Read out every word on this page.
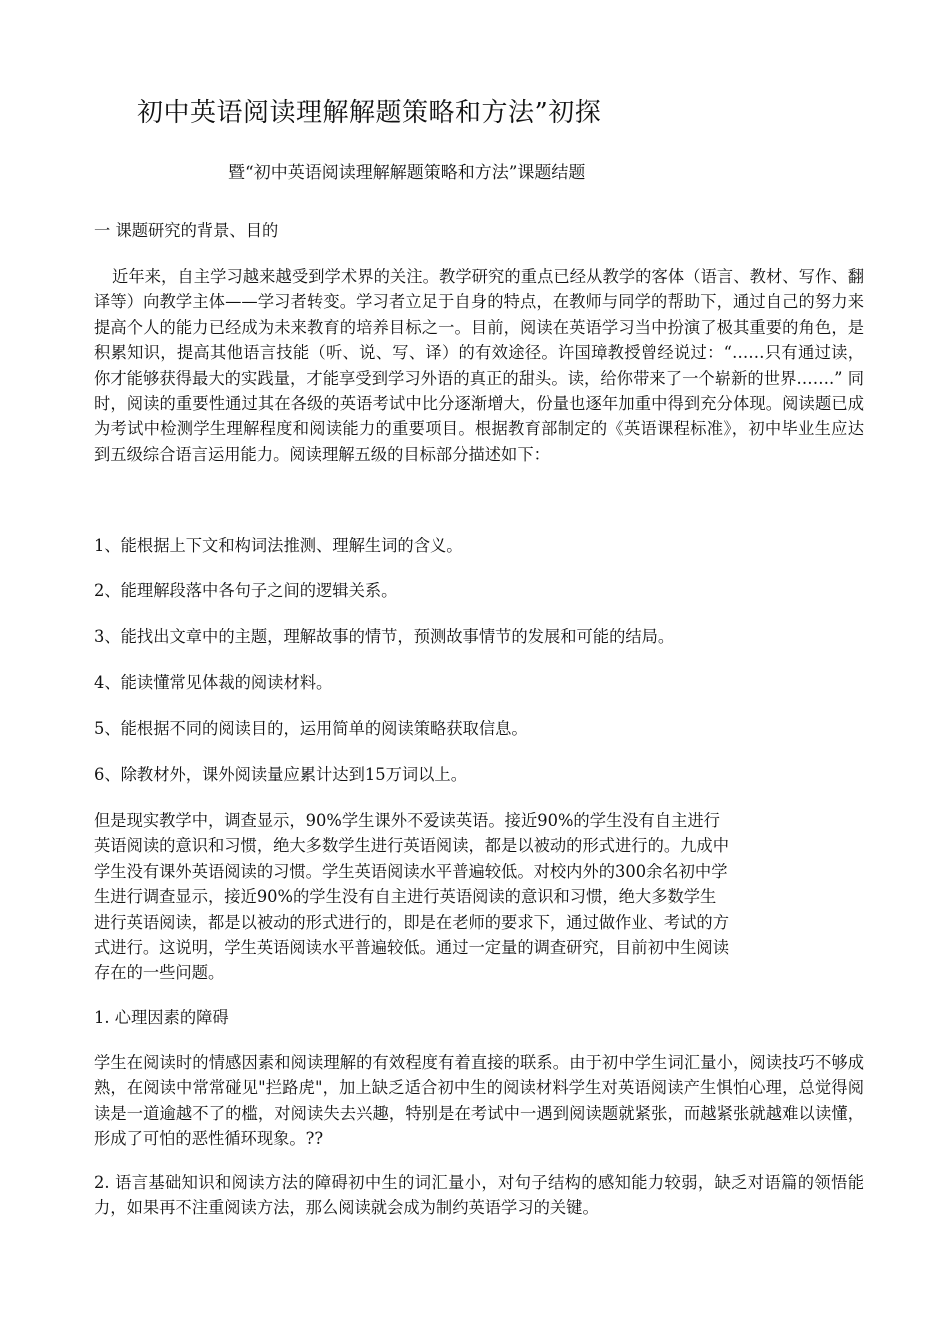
初中英语阅读理解解题策略和方法”初探
暨“初中英语阅读理解解题策略和方法”课题结题
一 课题研究的背景、目的
近年来，自主学习越来越受到学术界的关注。教学研究的重点已经从教学的客体（语言、教材、写作、翻译等）向教学主体——学习者转变。学习者立足于自身的特点，在教师与同学的帮助下，通过自己的努力来提高个人的能力已经成为未来教育的培养目标之一。目前，阅读在英语学习当中扮演了极其重要的角色，是积累知识，提高其他语言技能（听、说、写、译）的有效途径。许国璋教授曾经说过：“……只有通过读，你才能够获得最大的实践量，才能享受到学习外语的真正的甜头。读，给你带来了一个崭新的世界…….” 同时，阅读的重要性通过其在各级的英语考试中比分逐渐增大，份量也逐年加重中得到充分体现。阅读题已成为考试中检测学生理解程度和阅读能力的重要项目。根据教育部制定的《英语课程标准》，初中毕业生应达到五级综合语言运用能力。阅读理解五级的目标部分描述如下：
1、能根据上下文和构词法推测、理解生词的含义。
2、能理解段落中各句子之间的逻辑关系。
3、能找出文章中的主题，理解故事的情节，预测故事情节的发展和可能的结局。
4、能读懂常见体裁的阅读材料。
5、能根据不同的阅读目的，运用简单的阅读策略获取信息。
6、除教材外，课外阅读量应累计达到15万词以上。

但是现实教学中，调查显示，90%学生课外不爱读英语。接近90%的学生没有自主进行

英语阅读的意识和习惯，绝大多数学生进行英语阅读，都是以被动的形式进行的。九成中

学生没有课外英语阅读的习惯。学生英语阅读水平普遍较低。对校内外的300余名初中学

生进行调查显示，接近90%的学生没有自主进行英语阅读的意识和习惯，绝大多数学生

进行英语阅读，都是以被动的形式进行的，即是在老师的要求下，通过做作业、考试的方

式进行。这说明，学生英语阅读水平普遍较低。通过一定量的调查研究，目前初中生阅读

存在的一些问题。

1. 心理因素的障碍
学生在阅读时的情感因素和阅读理解的有效程度有着直接的联系。由于初中学生词汇量小，阅读技巧不够成熟，在阅读中常常碰见"拦路虎"，加上缺乏适合初中生的阅读材料学生对英语阅读产生惧怕心理，总觉得阅读是一道逾越不了的槛，对阅读失去兴趣，特别是在考试中一遇到阅读题就紧张，而越紧张就越难以读懂，形成了可怕的恶性循环现象。??
2. 语言基础知识和阅读方法的障碍初中生的词汇量小，对句子结构的感知能力较弱，缺乏对语篇的领悟能力，如果再不注重阅读方法，那么阅读就会成为制约英语学习的关键。
